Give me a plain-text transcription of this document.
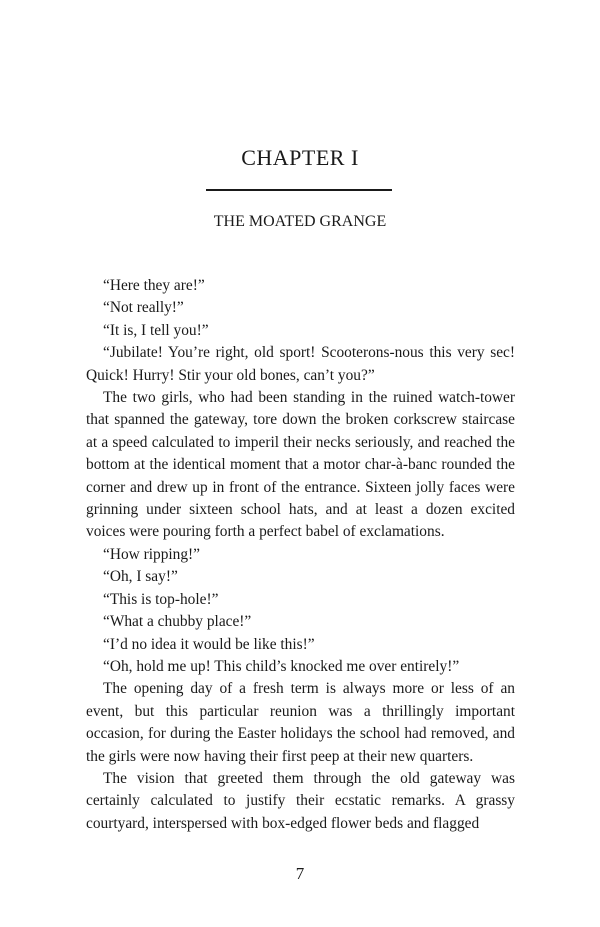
CHAPTER I
THE MOATED GRANGE

“Here they are!”

“Not really!”

“It is, I tell you!”

“Jubilate! You’re right, old sport! Scooterons-nous this very sec! Quick! Hurry! Stir your old bones, can’t you?”

The two girls, who had been standing in the ruined watch-tower that spanned the gateway, tore down the broken corkscrew staircase at a speed calculated to imperil their necks seriously, and reached the bottom at the identical moment that a motor char-à-banc rounded the corner and drew up in front of the entrance. Sixteen jolly faces were grinning under sixteen school hats, and at least a dozen excited voices were pouring forth a perfect babel of exclamations.

“How ripping!”

“Oh, I say!”

“This is top-hole!”

“What a chubby place!”

“I’d no idea it would be like this!”

“Oh, hold me up! This child’s knocked me over entirely!”

The opening day of a fresh term is always more or less of an event, but this particular reunion was a thrillingly important occasion, for during the Easter holidays the school had removed, and the girls were now having their first peep at their new quarters.

The vision that greeted them through the old gateway was certainly calculated to justify their ecstatic remarks. A grassy courtyard, interspersed with box-edged flower beds and flagged

7
